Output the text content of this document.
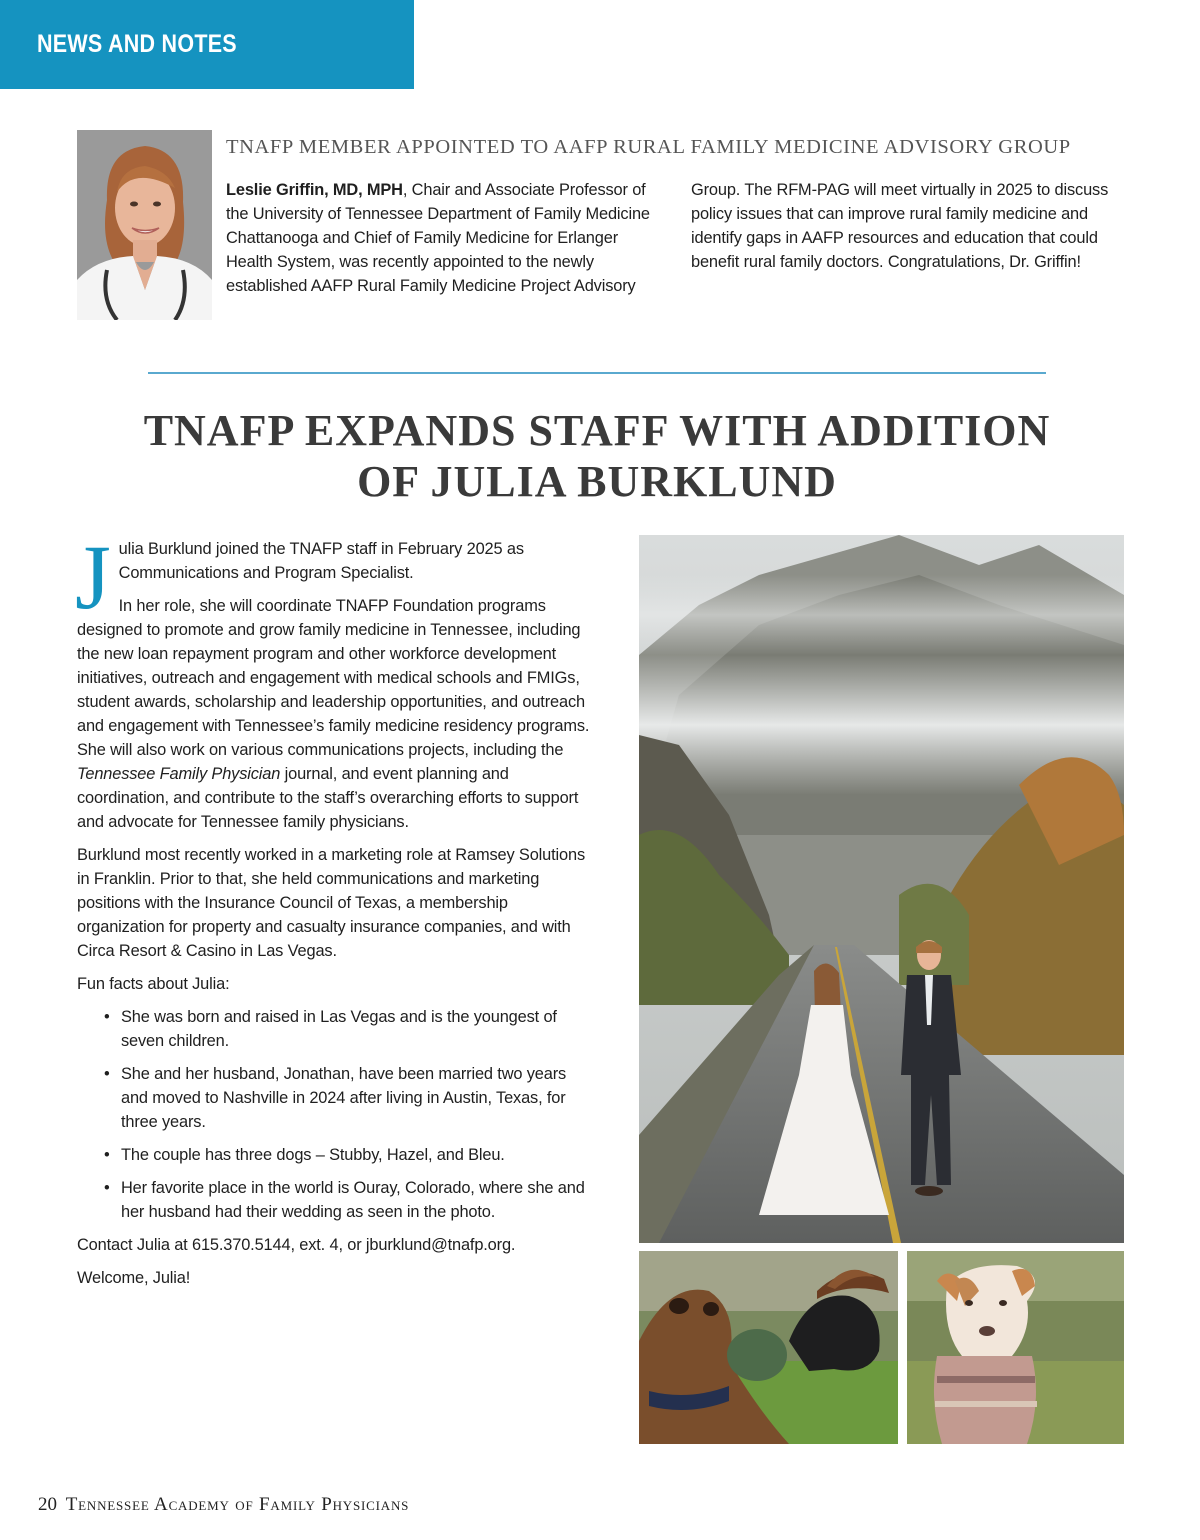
NEWS AND NOTES
TNAFP MEMBER APPOINTED TO AAFP RURAL FAMILY MEDICINE ADVISORY GROUP
Leslie Griffin, MD, MPH, Chair and Associate Professor of the University of Tennessee Department of Family Medicine Chattanooga and Chief of Family Medicine for Erlanger Health System, was recently appointed to the newly established AAFP Rural Family Medicine Project Advisory
Group. The RFM-PAG will meet virtually in 2025 to discuss policy issues that can improve rural family medicine and identify gaps in AAFP resources and education that could benefit rural family doctors. Congratulations, Dr. Griffin!
TNAFP EXPANDS STAFF WITH ADDITION
OF JULIA BURKLUND
J ulia Burklund joined the TNAFP staff in February 2025 as Communications and Program Specialist.

In her role, she will coordinate TNAFP Foundation programs designed to promote and grow family medicine in Tennessee, including the new loan repayment program and other workforce development initiatives, outreach and engagement with medical schools and FMIGs, student awards, scholarship and leadership opportunities, and outreach and engagement with Tennessee’s family medicine residency programs. She will also work on various communications projects, including the Tennessee Family Physician journal, and event planning and coordination, and contribute to the staff’s overarching efforts to support and advocate for Tennessee family physicians.

Burklund most recently worked in a marketing role at Ramsey Solutions in Franklin. Prior to that, she held communications and marketing positions with the Insurance Council of Texas, a membership organization for property and casualty insurance companies, and with Circa Resort & Casino in Las Vegas.

Fun facts about Julia:

• She was born and raised in Las Vegas and is the youngest of seven children.
• She and her husband, Jonathan, have been married two years and moved to Nashville in 2024 after living in Austin, Texas, for three years.
• The couple has three dogs – Stubby, Hazel, and Bleu.
• Her favorite place in the world is Ouray, Colorado, where she and her husband had their wedding as seen in the photo.

Contact Julia at 615.370.5144, ext. 4, or jburklund@tnafp.org.

Welcome, Julia!

20 Tennessee Academy of Family Physicians
